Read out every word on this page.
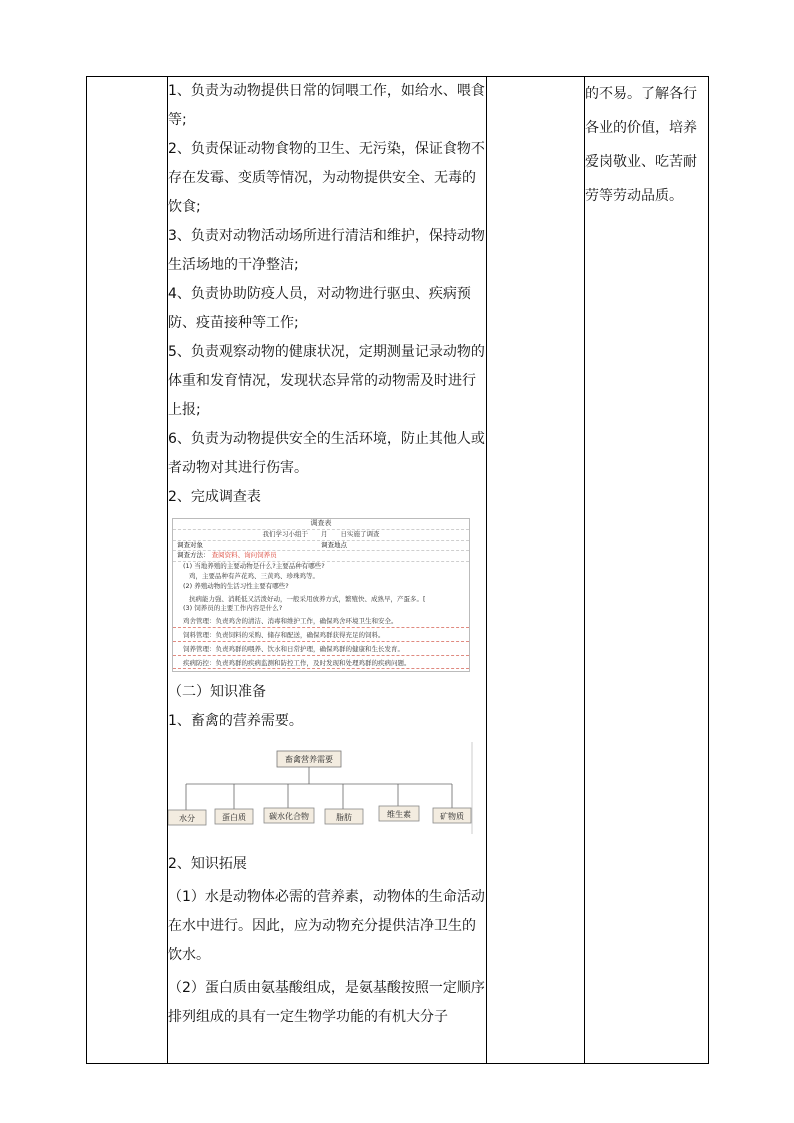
1、负责为动物提供日常的饲喂工作，如给水、喂食等;

2、负责保证动物食物的卫生、无污染，保证食物不存在发霉、变质等情况，为动物提供安全、无毒的饮食;

3、负责对动物活动场所进行清洁和维护，保持动物生活场地的干净整洁;

4、负责协助防疫人员，对动物进行驱虫、疾病预防、疫苗接种等工作;

5、负责观察动物的健康状况，定期测量记录动物的体重和发育情况，发现状态异常的动物需及时进行上报;

6、负责为动物提供安全的生活环境，防止其他人或者动物对其进行伤害。

2、完成调查表

调查表
我们学习小组于　　月　　日实施了调查
调查对象	调查地点
调查方法： 查阅资料、询问饲养员
(1) 当地养殖的主要动物是什么?主要品种有哪些?
鸡，主要品种有芦花鸡、三黄鸡、珍珠鸡等。
(2) 养殖动物的生活习性主要有哪些?
抗病能力强、消耗低又活泼好动，一般采用放养方式，繁殖快、成熟早，产蛋多。[
(3) 饲养员的主要工作内容是什么?
鸡舍管理：负责鸡舍的清洁、消毒和维护工作，确保鸡舍环境卫生和安全。
饲料管理：负责饲料的采购、储存和配送，确保鸡群获得充足的饲料。
饲养管理：负责鸡群的喂养、饮水和日常护理，确保鸡群的健康和生长发育。
疾病防控：负责鸡群的疾病监测和防控工作，及时发现和处理鸡群的疾病问题。

（二）知识准备

1、畜禽的营养需要。

畜禽营养需要
水分	蛋白质	碳水化合物	脂肪	维生素	矿物质

2、知识拓展

（1）水是动物体必需的营养素，动物体的生命活动在水中进行。因此，应为动物充分提供洁净卫生的饮水。

（2）蛋白质由氨基酸组成，是氨基酸按照一定顺序排列组成的具有一定生物学功能的有机大分子

的不易。了解各行各业的价值，培养爱岗敬业、吃苦耐劳等劳动品质。
